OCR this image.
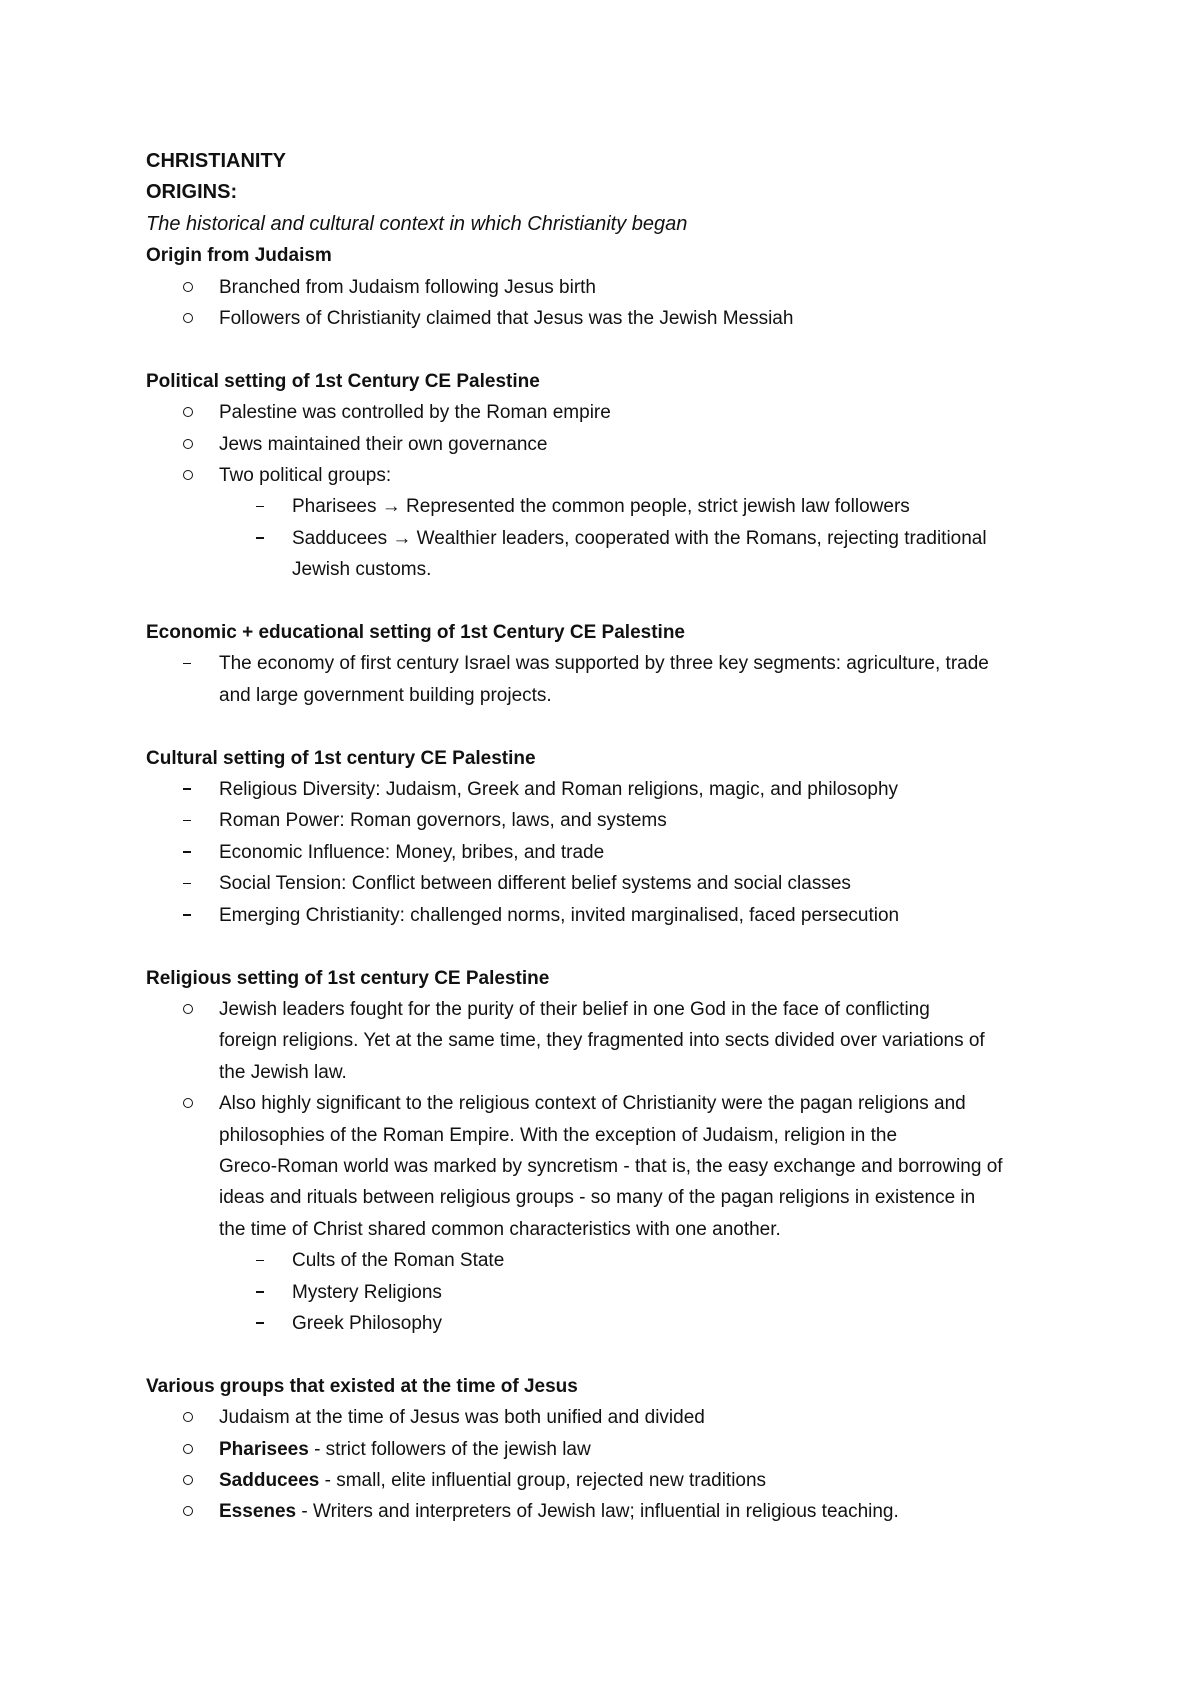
CHRISTIANITY
ORIGINS:
The historical and cultural context in which Christianity began
Origin from Judaism
Branched from Judaism following Jesus birth
Followers of Christianity claimed that Jesus was the Jewish Messiah
Political setting of 1st Century CE Palestine
Palestine was controlled by the Roman empire
Jews maintained their own governance
Two political groups:
Pharisees → Represented the common people, strict jewish law followers
Sadducees → Wealthier leaders, cooperated with the Romans, rejecting traditional
Jewish customs.
Economic + educational setting of 1st Century CE Palestine
The economy of first century Israel was supported by three key segments: agriculture, trade
and large government building projects.
Cultural setting of 1st century CE Palestine
Religious Diversity: Judaism, Greek and Roman religions, magic, and philosophy
Roman Power: Roman governors, laws, and systems
Economic Influence: Money, bribes, and trade
Social Tension: Conflict between different belief systems and social classes
Emerging Christianity: challenged norms, invited marginalised, faced persecution
Religious setting of 1st century CE Palestine
Jewish leaders fought for the purity of their belief in one God in the face of conflicting
foreign religions. Yet at the same time, they fragmented into sects divided over variations of
the Jewish law.
Also highly significant to the religious context of Christianity were the pagan religions and
philosophies of the Roman Empire. With the exception of Judaism, religion in the
Greco-Roman world was marked by syncretism - that is, the easy exchange and borrowing of
ideas and rituals between religious groups - so many of the pagan religions in existence in
the time of Christ shared common characteristics with one another.
Cults of the Roman State
Mystery Religions
Greek Philosophy
Various groups that existed at the time of Jesus
Judaism at the time of Jesus was both unified and divided
Pharisees - strict followers of the jewish law
Sadducees - small, elite influential group, rejected new traditions
Essenes - Writers and interpreters of Jewish law; influential in religious teaching.
